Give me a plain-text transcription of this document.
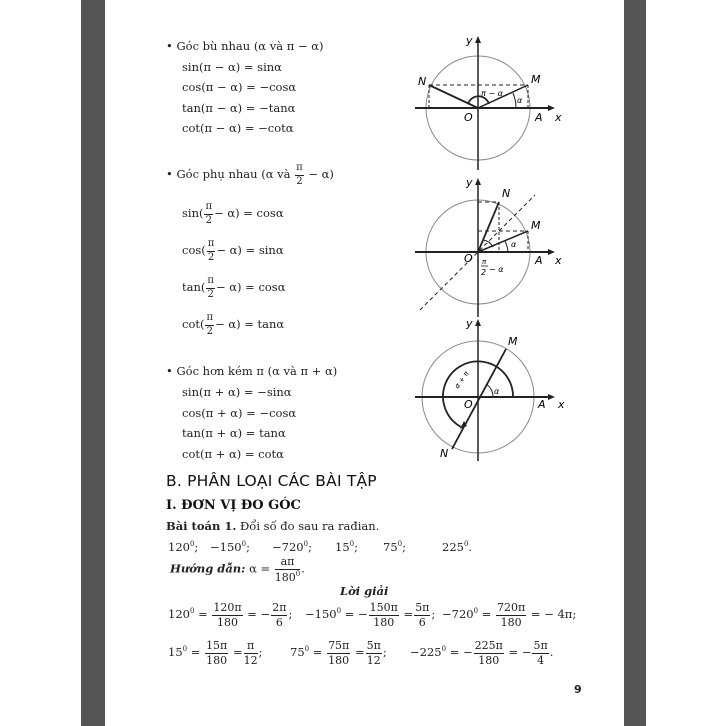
• Góc bù nhau (α và π − α)
sin(π − α) = sinα
cos(π − α) = −cosα
tan(π − α) = −tanα
cot(π − α) = −cotα
• Góc phụ nhau (α và $\frac{\pi}{2} - \alpha$)
$\sin( \frac{\pi}{2} - \alpha) = \cos\alpha$
$\cos( \frac{\pi}{2} - \alpha) = \sin\alpha$
$\tan( \frac{\pi}{2} - \alpha) = \cos\alpha$
$\cot( \frac{\pi}{2} - \alpha) = \tan\alpha$
• Góc hơn kém π (α và π + α)
sin(π + α) = −sinα
cos(π + α) = −cosα
tan(π + α) = tanα
cot(π + α) = cotα
N	M
O	A x
y
π − α
α
N
M
O	A x
y
α
π
2 − α
N
M
O	A x
y
α + π
α
B. PHÂN LOẠI CÁC BÀI TẬP
I. ĐƠN VỊ ĐO GÓC
Bài toán 1. Đổi số đo sau ra rađian.
$120^0$; $-150^0$; $-720^0$; $15^0$; $75^0$;	$225^0$.
Hướng dẫn: $\alpha = \frac{a\pi}{180^0}$ .
Lời giải
$120^0 = \frac{120\pi}{180}$ = − $\frac{2\pi}{6}$ ; $-150^0$ = − $\frac{150\pi}{180} = \frac{5\pi}{6}$ ; $-720^0 = \frac{720\pi}{180}$ = − 4π;
$15^0 = \frac{15\pi}{180} = \frac{\pi}{12}$ ; $75^0 = \frac{75\pi}{180} = \frac{5\pi}{12}$ ; $-225^0$ = − $\frac{225\pi}{180}$ = − $\frac{5\pi}{4}$ .
9
